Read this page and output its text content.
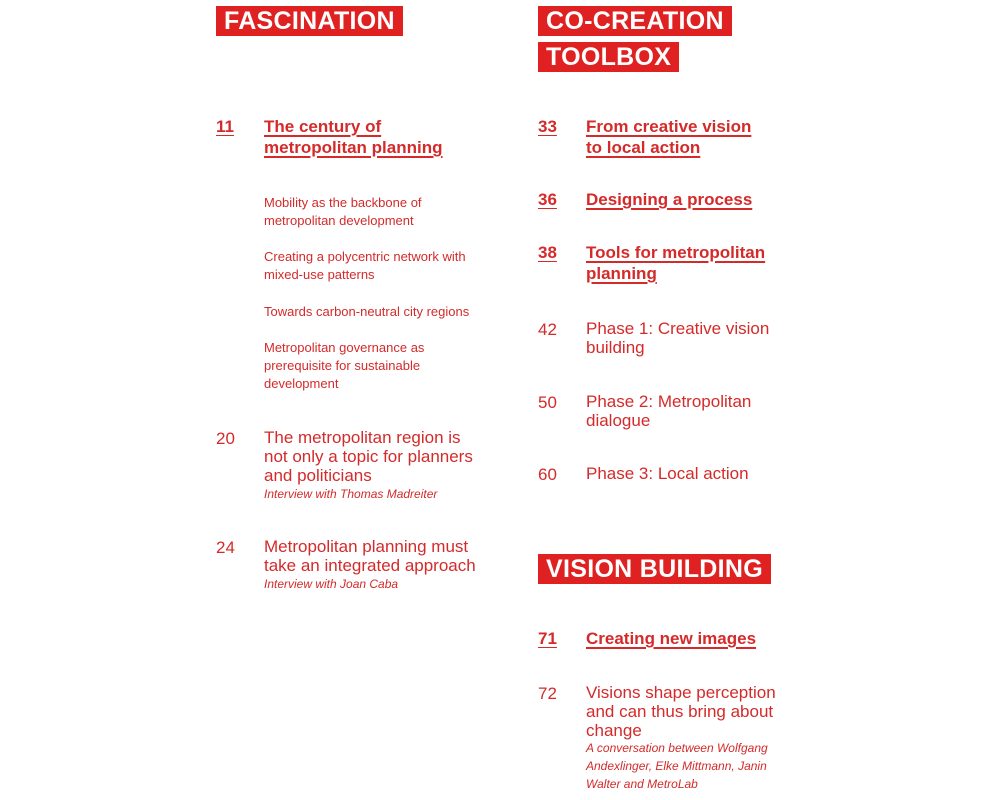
FASCINATION
11 The century of
metropolitan planning
Mobility as the backbone of
metropolitan development
Creating a polycentric network with
mixed-use patterns
Towards carbon-neutral city regions
Metropolitan governance as
prerequisite for sustainable
development
20 The metropolitan region is
not only a topic for planners
and politicians
Interview with Thomas Madreiter
24 Metropolitan planning must
take an integrated approach
Interview with Joan Caba
CO-CREATION
TOOLBOX
33 From creative vision
to local action
36 Designing a process
38 Tools for metropolitan
planning
42 Phase 1: Creative vision
building
50 Phase 2: Metropolitan
dialogue
60 Phase 3: Local action
VISION BUILDING
71 Creating new images
72 Visions shape perception
and can thus bring about
change
A conversation between Wolfgang
Andexlinger, Elke Mittmann, Janin
Walter and MetroLab
